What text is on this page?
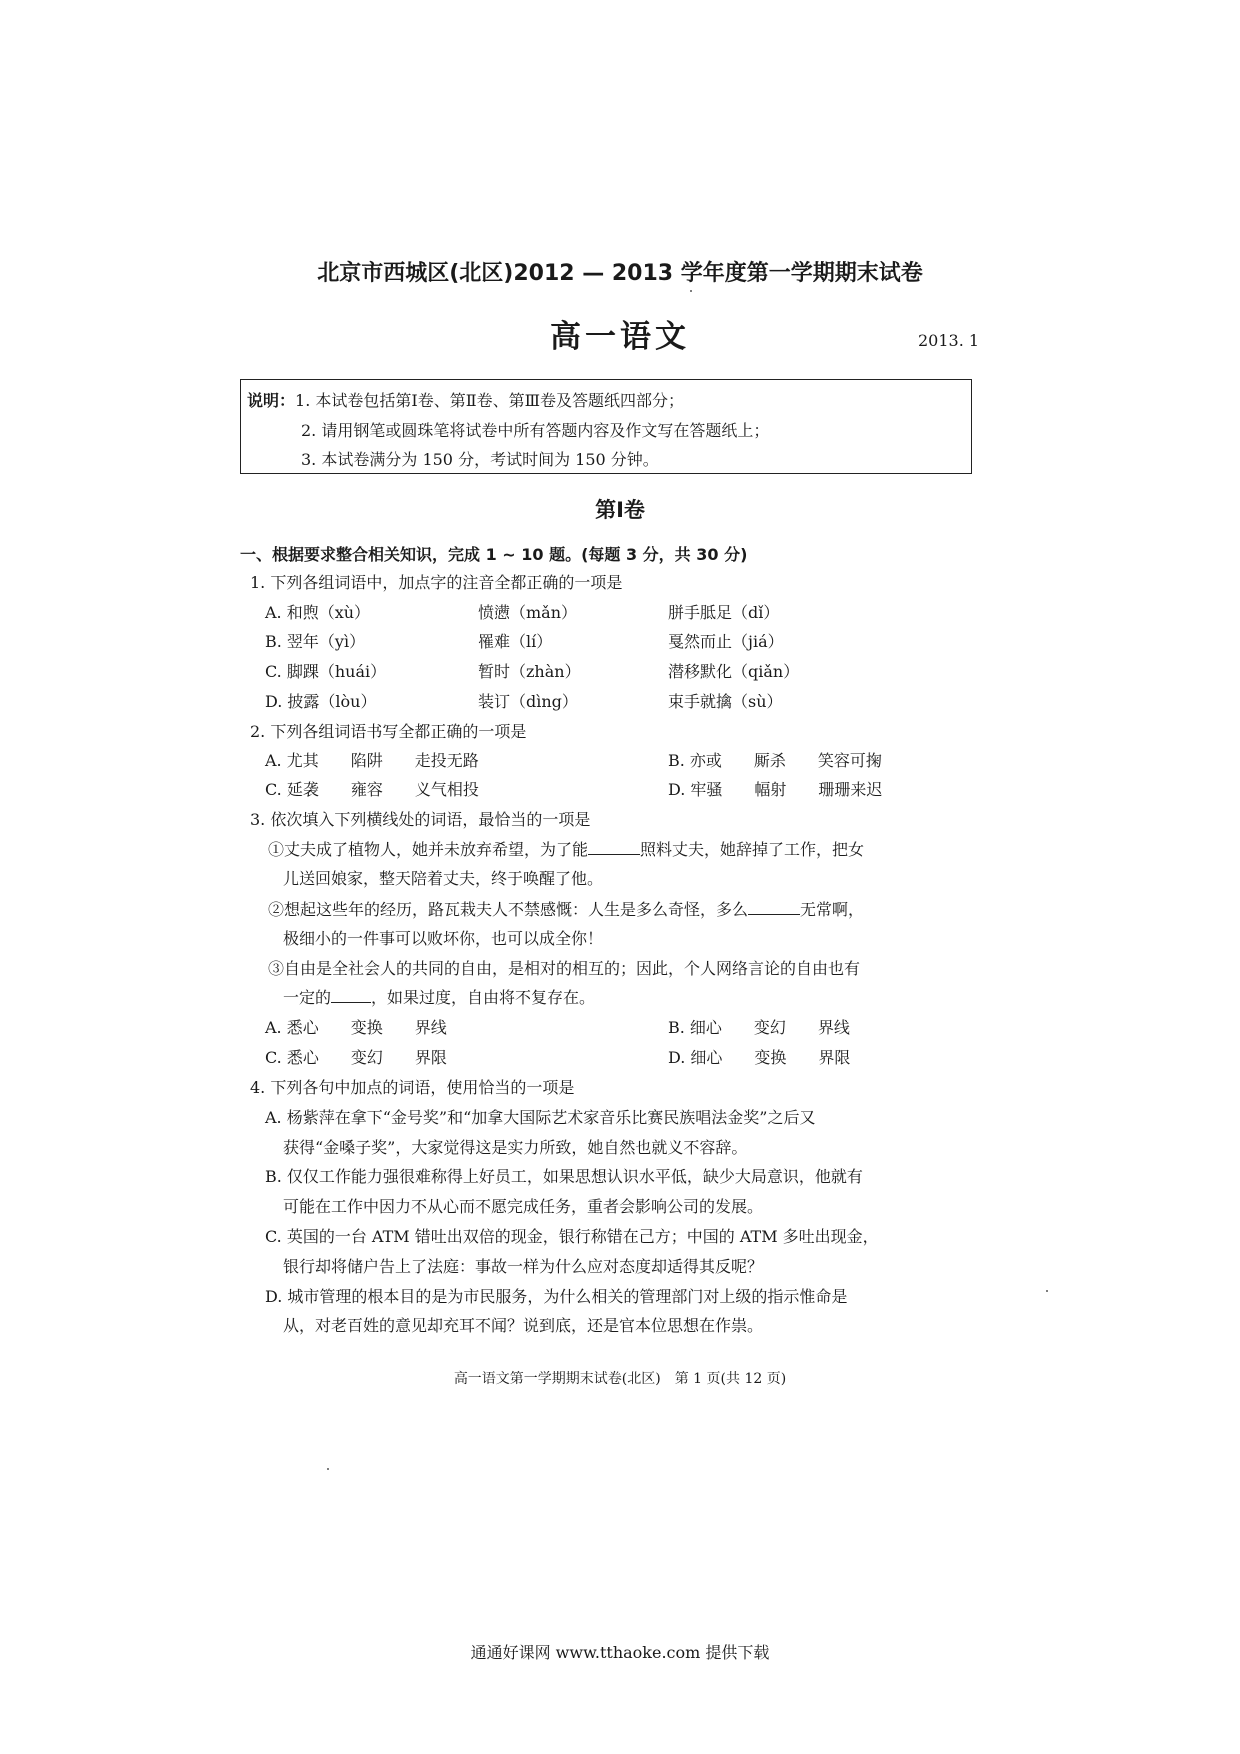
北京市西城区(北区)2012 — 2013 学年度第一学期期末试卷
高一语文	2013. 1
说明：1. 本试卷包括第Ⅰ卷、第Ⅱ卷、第Ⅲ卷及答题纸四部分；
2. 请用钢笔或圆珠笔将试卷中所有答题内容及作文写在答题纸上；
3. 本试卷满分为 150 分，考试时间为 150 分钟。
第Ⅰ卷
一、根据要求整合相关知识，完成 1 ~ 10 题。(每题 3 分，共 30 分)
1. 下列各组词语中，加点字的注音全都正确的一项是
A. 和煦（xù）	愤懑（mǎn）	胼手胝足（dǐ）
B. 翌年（yì）	罹难（lí）	戛然而止（jiá）
C. 脚踝（huái）	暂时（zhàn）	潜移默化（qiǎn）
D. 披露（lòu）	装订（dìng）	束手就擒（sù）
2. 下列各组词语书写全都正确的一项是
A. 尤其　　陷阱　　走投无路	B. 亦或　　厮杀　　笑容可掬
C. 延袭　　雍容　　义气相投	D. 牢骚　　幅射　　珊珊来迟
3. 依次填入下列横线处的词语，最恰当的一项是
①丈夫成了植物人，她并未放弃希望，为了能	照料丈夫，她辞掉了工作，把女
儿送回娘家，整天陪着丈夫，终于唤醒了他。
②想起这些年的经历，路瓦栽夫人不禁感慨：人生是多么奇怪，多么	无常啊，
极细小的一件事可以败坏你，也可以成全你！
③自由是全社会人的共同的自由，是相对的相互的；因此，个人网络言论的自由也有
一定的	，如果过度，自由将不复存在。
A. 悉心　　变换　　界线	B. 细心　　变幻　　界线
C. 悉心　　变幻　　界限	D. 细心　　变换　　界限
4. 下列各句中加点的词语，使用恰当的一项是
A. 杨紫萍在拿下“金号奖”和“加拿大国际艺术家音乐比赛民族唱法金奖”之后又
获得“金嗓子奖”，大家觉得这是实力所致，她自然也就义不容辞。
B. 仅仅工作能力强很难称得上好员工，如果思想认识水平低，缺少大局意识，他就有
可能在工作中因力不从心而不愿完成任务，重者会影响公司的发展。
C. 英国的一台 ATM 错吐出双倍的现金，银行称错在己方；中国的 ATM 多吐出现金，
银行却将储户告上了法庭：事故一样为什么应对态度却适得其反呢？
D. 城市管理的根本目的是为市民服务，为什么相关的管理部门对上级的指示惟命是
从，对老百姓的意见却充耳不闻？说到底，还是官本位思想在作祟。
高一语文第一学期期末试卷(北区)　第 1 页(共 12 页)
通通好课网 www.tthaoke.com 提供下载
